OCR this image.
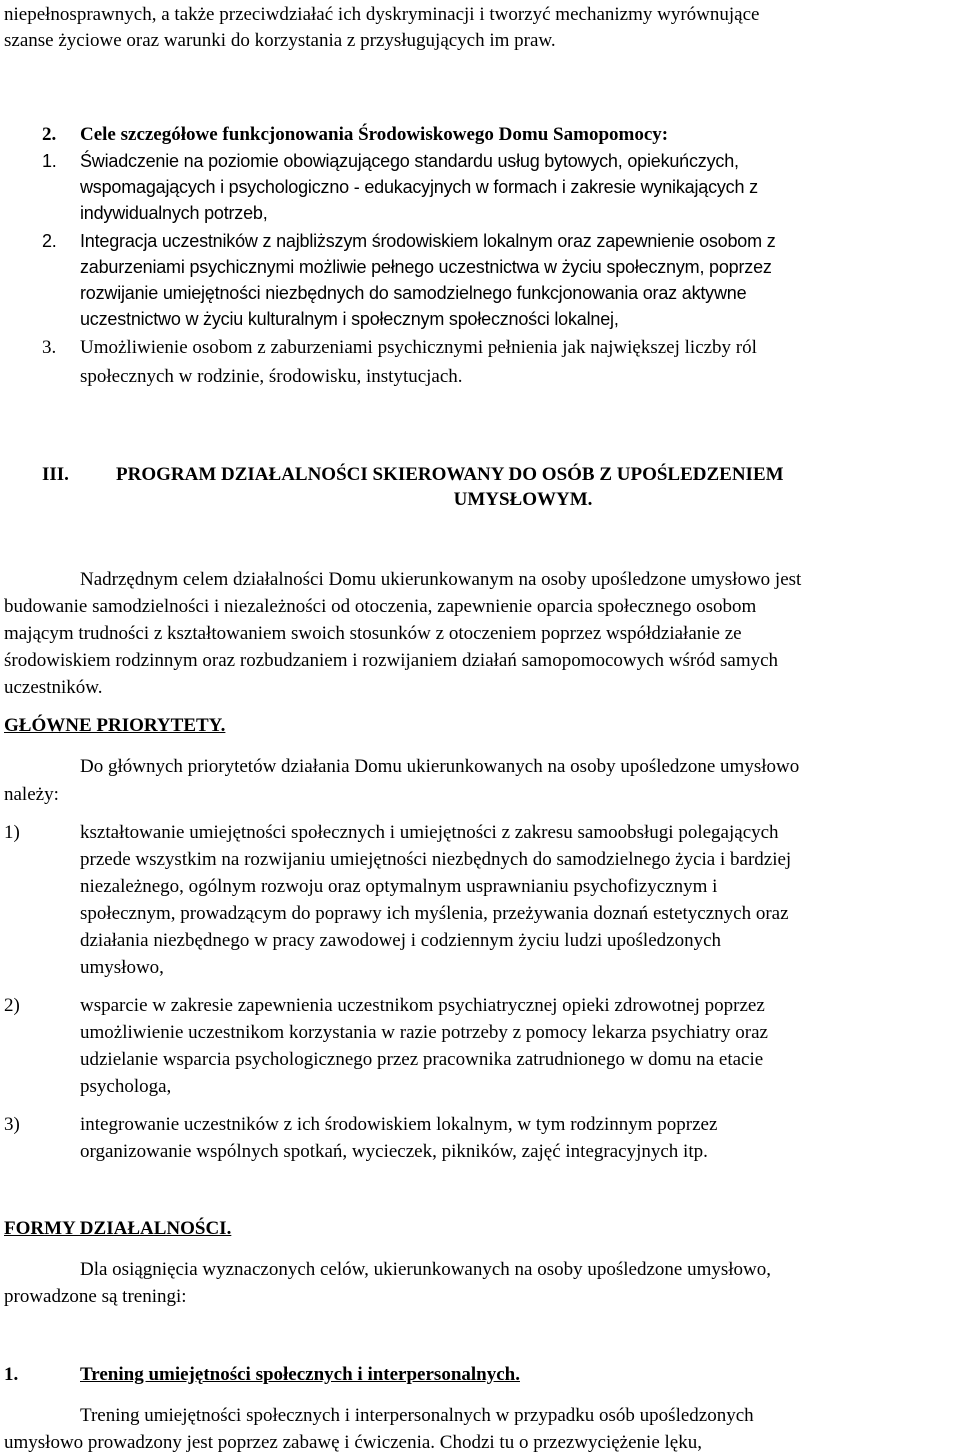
niepełnosprawnych, a także przeciwdziałać ich dyskryminacji i tworzyć mechanizmy wyrównujące
szanse życiowe oraz warunki do korzystania z przysługujących im praw.
2. Cele szczegółowe funkcjonowania Środowiskowego Domu Samopomocy:
1. Świadczenie na poziomie obowiązującego standardu usług bytowych, opiekuńczych,
wspomagających i psychologiczno - edukacyjnych w formach i zakresie wynikających z
indywidualnych potrzeb,
2. Integracja uczestników z najbliższym środowiskiem lokalnym oraz zapewnienie osobom z
zaburzeniami psychicznymi możliwie pełnego uczestnictwa w życiu społecznym, poprzez
rozwijanie umiejętności niezbędnych do samodzielnego funkcjonowania oraz aktywne
uczestnictwo w życiu kulturalnym i społecznym społeczności lokalnej,
3. Umożliwienie osobom z zaburzeniami psychicznymi pełnienia jak największej liczby ról
społecznych w rodzinie, środowisku, instytucjach.
III. PROGRAM DZIAŁALNOŚCI SKIEROWANY DO OSÓB Z UPOŚLEDZENIEM
UMYSŁOWYM.
Nadrzędnym celem działalności Domu ukierunkowanym na osoby upośledzone umysłowo jest
budowanie samodzielności i niezależności od otoczenia, zapewnienie oparcia społecznego osobom
mającym trudności z kształtowaniem swoich stosunków z otoczeniem poprzez współdziałanie ze
środowiskiem rodzinnym oraz rozbudzaniem i rozwijaniem działań samopomocowych wśród samych
uczestników.
GŁÓWNE PRIORYTETY.
Do głównych priorytetów działania Domu ukierunkowanych na osoby upośledzone umysłowo
należy:
1)	kształtowanie umiejętności społecznych i umiejętności z zakresu samoobsługi polegających
przede wszystkim na rozwijaniu umiejętności niezbędnych do samodzielnego życia i bardziej
niezależnego, ogólnym rozwoju oraz optymalnym usprawnianiu psychofizycznym i
społecznym, prowadzącym do poprawy ich myślenia, przeżywania doznań estetycznych oraz
działania niezbędnego w pracy zawodowej i codziennym życiu ludzi upośledzonych
umysłowo,
2)	wsparcie w zakresie zapewnienia uczestnikom psychiatrycznej opieki zdrowotnej poprzez
umożliwienie uczestnikom korzystania w razie potrzeby z pomocy lekarza psychiatry oraz
udzielanie wsparcia psychologicznego przez pracownika zatrudnionego w domu na etacie
psychologa,
3)	integrowanie uczestników z ich środowiskiem lokalnym, w tym rodzinnym poprzez
organizowanie wspólnych spotkań, wycieczek, pikników, zajęć integracyjnych itp.
FORMY DZIAŁALNOŚCI.
Dla osiągnięcia wyznaczonych celów, ukierunkowanych na osoby upośledzone umysłowo,
prowadzone są treningi:
1.	Trening umiejętności społecznych i interpersonalnych.
Trening umiejętności społecznych i interpersonalnych w przypadku osób upośledzonych
umysłowo prowadzony jest poprzez zabawę i ćwiczenia. Chodzi tu o przezwyciężenie lęku,
